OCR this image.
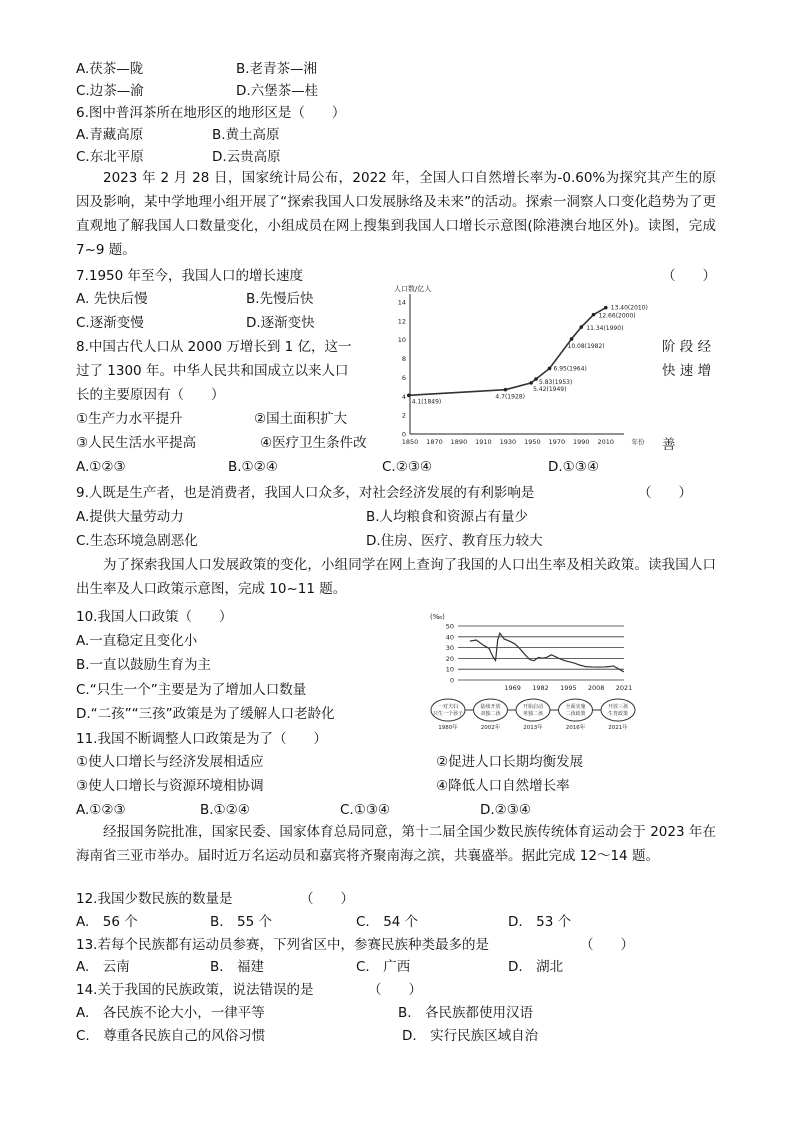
A.茯茶—陇	B.老青茶—湘
C.边茶—渝	D.六堡茶—桂
6.图中普洱茶所在地形区的地形区是（　　）
A.青藏高原	B.黄土高原
C.东北平原	D.云贵高原
2023 年 2 月 28 日，国家统计局公布，2022 年，全国人口自然增长率为-0.60%为探究其产生的原因及影响，某中学地理小组开展了“探索我国人口发展脉络及未来”的活动。探索一洞察人口变化趋势为了更直观地了解我国人口数量变化，小组成员在网上搜集到我国人口增长示意图(除港澳台地区外)。读图，完成 7~9 题。
7.1950 年至今，我国人口的增长速度	（　　）
A. 先快后慢	B.先慢后快
C.逐渐变慢	D.逐渐变快
8.中国古代人口从 2000 万增长到 1 亿，这一	阶 段 经
过了 1300 年。中华人民共和国成立以来人口	快 速 增
长的主要原因有（　　）
①生产力水平提升	②国土面积扩大
③人民生活水平提高	④医疗卫生条件改	善
A.①②③	B.①②④	C.②③④	D.①③④
人口数/亿人
0
2
4
6
8
10
12
14
1850 1870 1890 1910 1930 1950 1970 1990 2010	年份
4.1(1849)
4.7(1928)
5.42(1949)
5.83(1953)
6.95(1964)
10.08(1982)
11.34(1990)
12.66(2000)
13.40(2010)
9.人既是生产者，也是消费者，我国人口众多，对社会经济发展的有利影响是	（　　）
A.提供大量劳动力	B.人均粮食和资源占有量少
C.生态环境急剧恶化	D.住房、医疗、教育压力较大
为了探索我国人口发展政策的变化，小组同学在网上查询了我国的人口出生率及相关政策。读我国人口出生率及人口政策示意图，完成 10~11 题。
10.我国人口政策（　　）
A.一直稳定且变化小
B.一直以鼓励生育为主
C.“只生一个”主要是为了增加人口数量
D.“二孩”“三孩”政策是为了缓解人口老龄化
(‰)
50
40
30
20
10
0
1969 1982 1995 2008 2021
一对夫妇
只生一个孩子
1980年
陆续开放
双独二孩
2002年
开始启动
单独二孩
2013年
全面实施
二孩政策
2016年
开放三孩
生育政策
2021年
11.我国不断调整人口政策是为了（　　）
①使人口增长与经济发展相适应	②促进人口长期均衡发展
③使人口增长与资源环境相协调	④降低人口自然增长率
A.①②③	B.①②④	C.①③④	D.②③④
经报国务院批准，国家民委、国家体育总局同意，第十二届全国少数民族传统体育运动会于 2023 年在海南省三亚市举办。届时近万名运动员和嘉宾将齐聚南海之滨，共襄盛举。据此完成 12～14 题。
12.我国少数民族的数量是	（　　）
A.　56 个	B.　55 个	C.　54 个	D.　53 个
13.若每个民族都有运动员参赛，下列省区中，参赛民族种类最多的是	（　　）
A.　云南	B.　福建	C.　广西	D.　湖北
14.关于我国的民族政策，说法错误的是	（　　）
A.　各民族不论大小，一律平等	B.　各民族都使用汉语
C.　尊重各民族自己的风俗习惯	D.　实行民族区域自治
